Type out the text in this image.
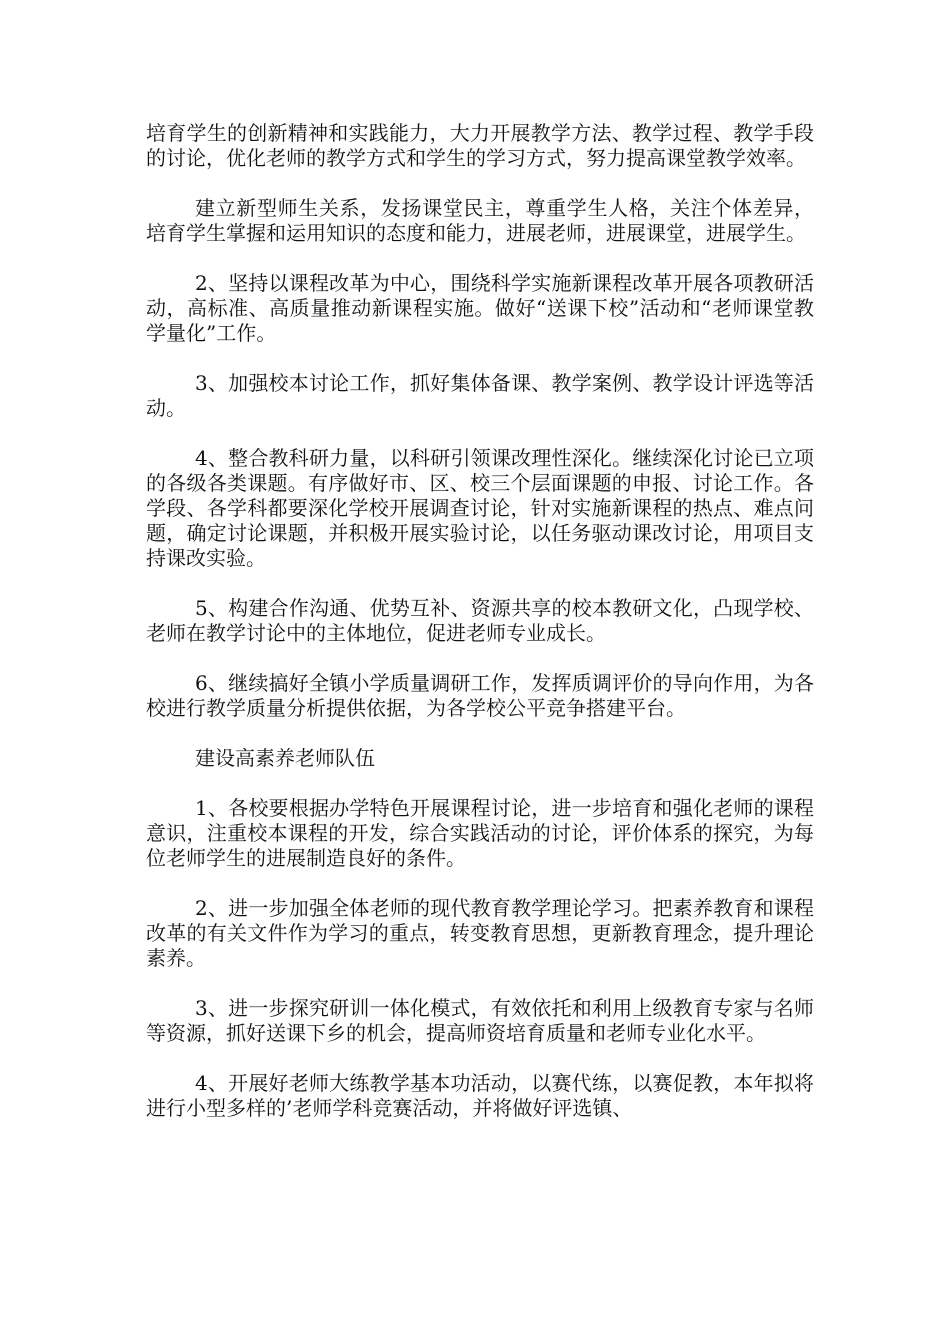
培育学生的创新精神和实践能力，大力开展教学方法、教学过程、教学手段的讨论，优化老师的教学方式和学生的学习方式，努力提高课堂教学效率。

建立新型师生关系，发扬课堂民主，尊重学生人格，关注个体差异，培育学生掌握和运用知识的态度和能力，进展老师，进展课堂，进展学生。

2、坚持以课程改革为中心，围绕科学实施新课程改革开展各项教研活动，高标准、高质量推动新课程实施。做好“送课下校”活动和“老师课堂教学量化”工作。

3、加强校本讨论工作，抓好集体备课、教学案例、教学设计评选等活动。

4、整合教科研力量，以科研引领课改理性深化。继续深化讨论已立项的各级各类课题。有序做好市、区、校三个层面课题的申报、讨论工作。各学段、各学科都要深化学校开展调查讨论，针对实施新课程的热点、难点问题，确定讨论课题，并积极开展实验讨论，以任务驱动课改讨论，用项目支持课改实验。

5、构建合作沟通、优势互补、资源共享的校本教研文化，凸现学校、老师在教学讨论中的主体地位，促进老师专业成长。

6、继续搞好全镇小学质量调研工作，发挥质调评价的导向作用，为各校进行教学质量分析提供依据，为各学校公平竞争搭建平台。

建设高素养老师队伍

1、各校要根据办学特色开展课程讨论，进一步培育和强化老师的课程意识，注重校本课程的开发，综合实践活动的讨论，评价体系的探究，为每位老师学生的进展制造良好的条件。

2、进一步加强全体老师的现代教育教学理论学习。把素养教育和课程改革的有关文件作为学习的重点，转变教育思想，更新教育理念，提升理论素养。

3、进一步探究研训一体化模式，有效依托和利用上级教育专家与名师等资源，抓好送课下乡的机会，提高师资培育质量和老师专业化水平。

4、开展好老师大练教学基本功活动，以赛代练，以赛促教，本年拟将进行小型多样的’老师学科竞赛活动，并将做好评选镇、
